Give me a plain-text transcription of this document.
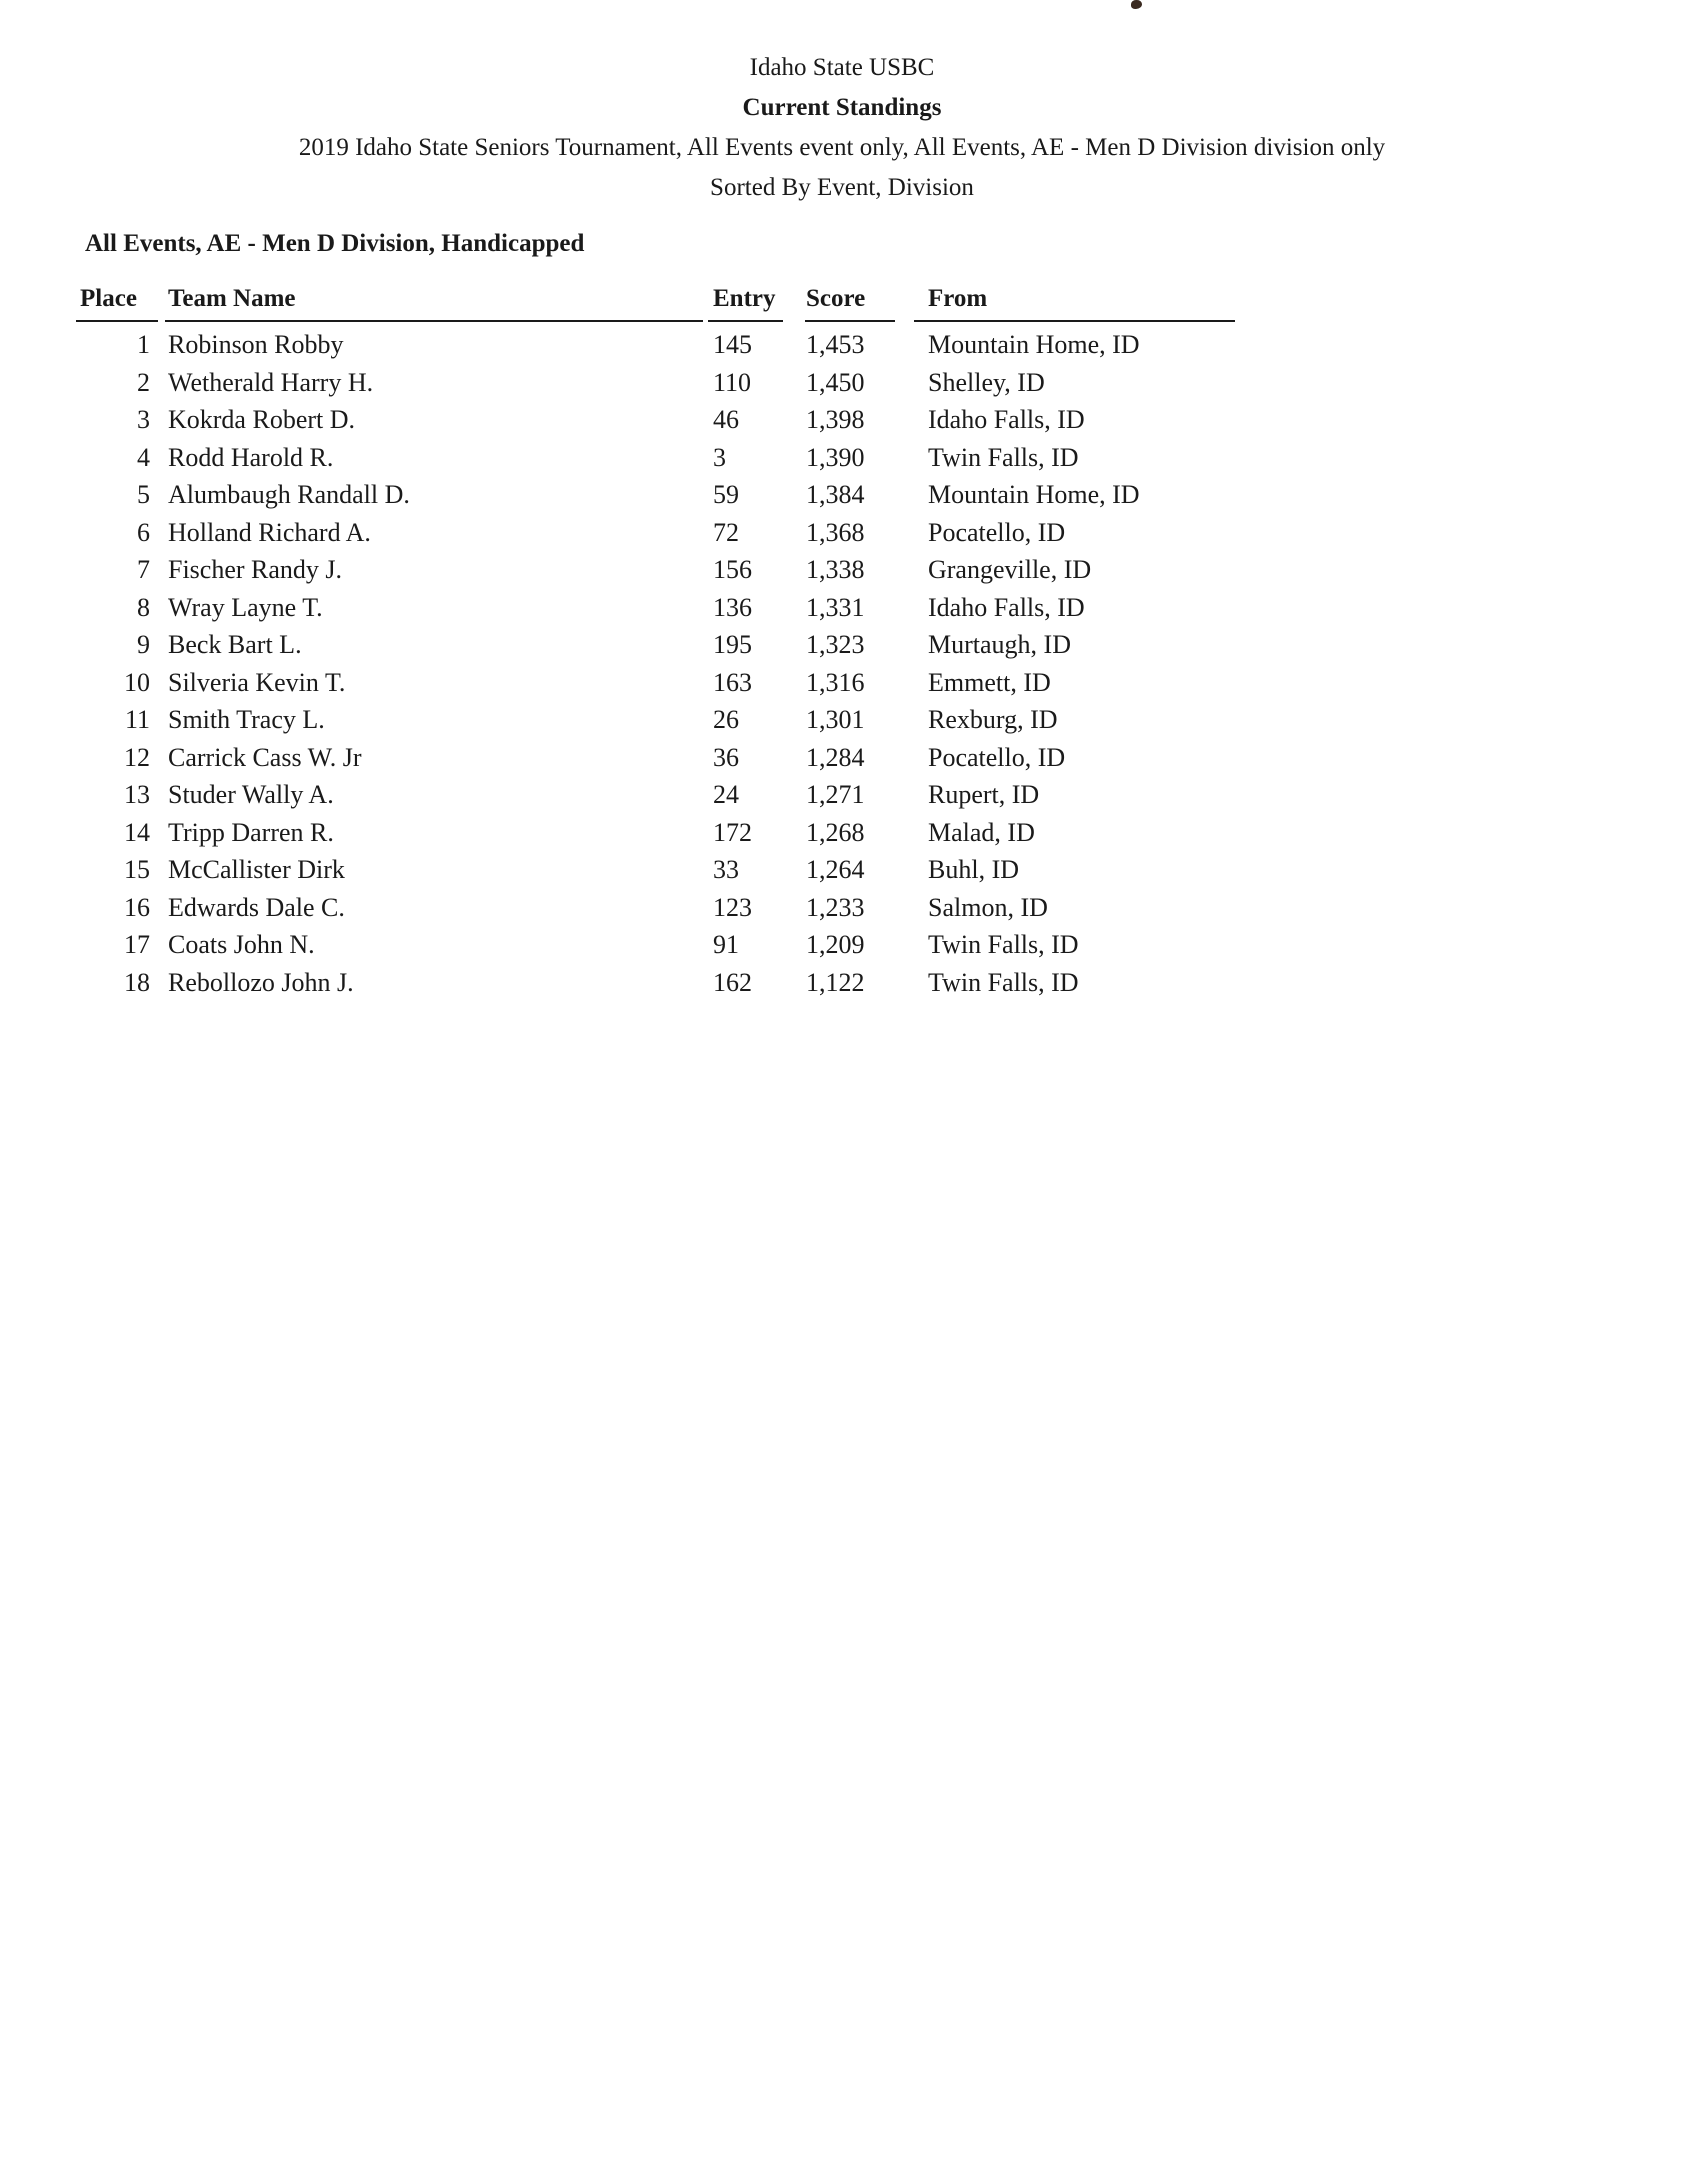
Idaho State USBC
Current Standings
2019 Idaho State Seniors Tournament, All Events event only, All Events, AE - Men D Division division only
Sorted By Event, Division
All Events, AE - Men D Division, Handicapped
Place Team Name	Entry Score	From
1 Robinson Robby	145 1,453 Mountain Home, ID
2 Wetherald Harry H.	110 1,450 Shelley, ID
3 Kokrda Robert D.	46	1,398 Idaho Falls, ID
4 Rodd Harold R.	3	1,390 Twin Falls, ID
5 Alumbaugh Randall D.	59	1,384 Mountain Home, ID
6 Holland Richard A.	72	1,368 Pocatello, ID
7 Fischer Randy J.	156 1,338 Grangeville, ID
8 Wray Layne T.	136 1,331 Idaho Falls, ID
9 Beck Bart L.	195 1,323 Murtaugh, ID
10 Silveria Kevin T.	163 1,316 Emmett, ID
11 Smith Tracy L.	26	1,301 Rexburg, ID
12 Carrick Cass W. Jr	36	1,284 Pocatello, ID
13 Studer Wally A.	24	1,271 Rupert, ID
14 Tripp Darren R.	172 1,268 Malad, ID
15 McCallister Dirk	33	1,264 Buhl, ID
16 Edwards Dale C.	123 1,233 Salmon, ID
17 Coats John N.	91	1,209 Twin Falls, ID
18 Rebollozo John J.	162 1,122 Twin Falls, ID
